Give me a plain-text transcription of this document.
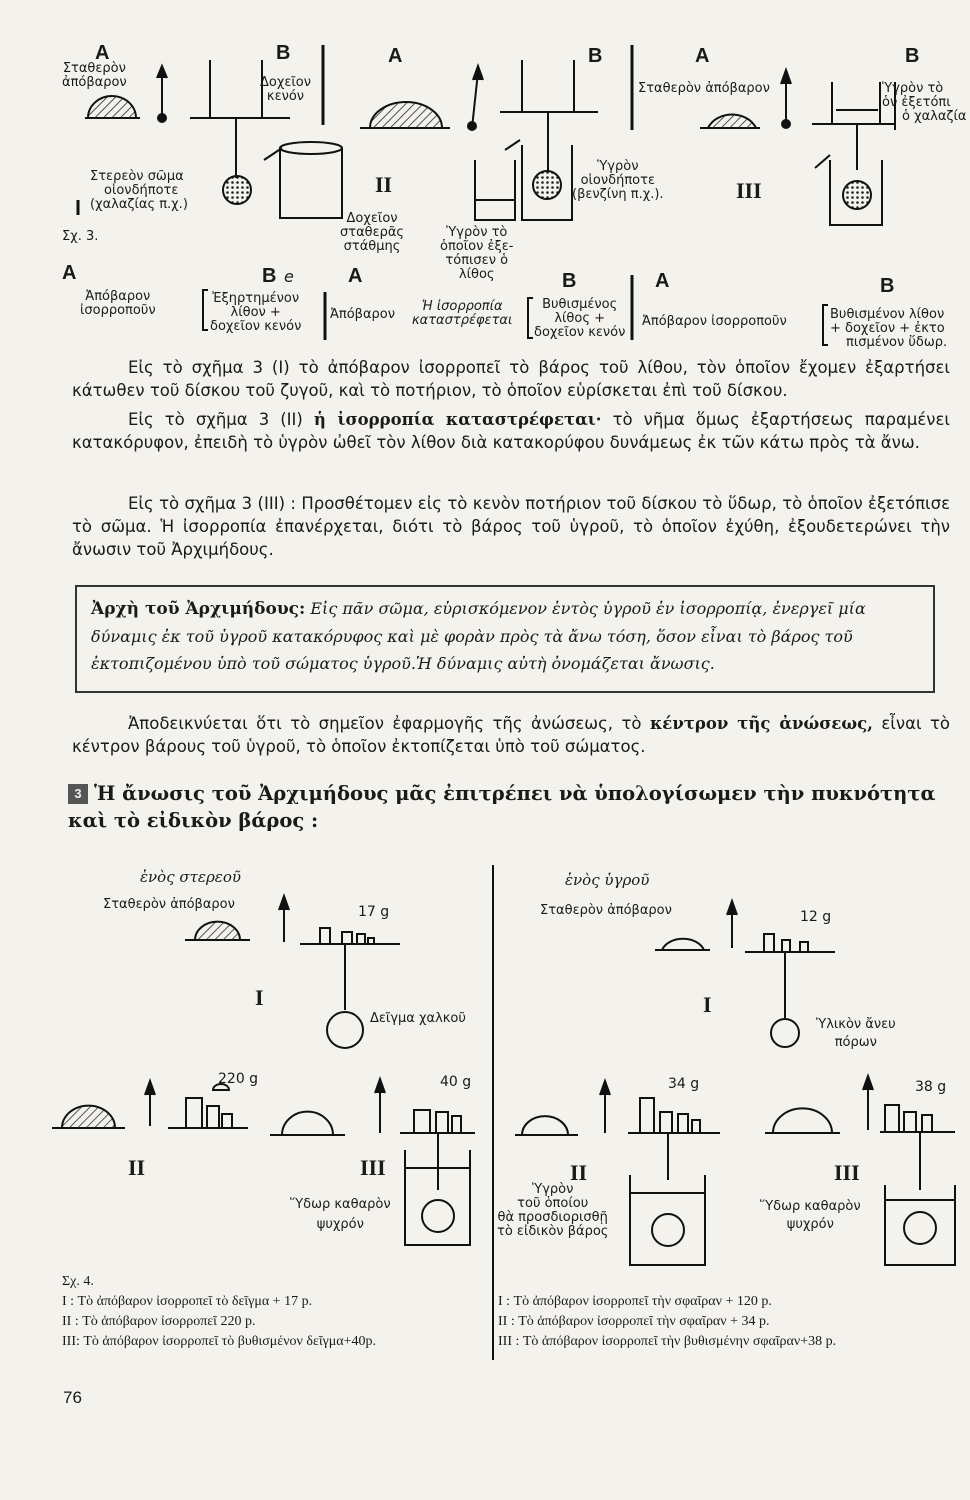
A
Σταθερὸν
ἀπόβαρον
B
Δοχεῖον
κενόν
Στερεὸν σῶμα
οἱονδήποτε
(χαλαζίας π.χ.)
Σχ. 3.
II
Δοχεῖον
σταθερᾶς
στάθμης
A	B
Ὑγρὸν τὸ
ὁποῖον ἐξε-
τόπισεν ὁ
λίθος
Ὑγρὸν
οἱονδήποτε
(βενζίνη π.χ.).
A
Σταθερὸν ἀπόβαρον
B
Ὑγρὸν τὸ
ὁν ἐξετόπι
ὁ χαλαζία
III
A
Ἀπόβαρον
ἰσορροποῦν
B e
Ἐξηρτημένον
λίθον +
δοχεῖον κενόν
A
Ἀπόβαρον
Ἡ ἰσορροπία
καταστρέφεται
B
Βυθισμένος
λίθος +
δοχεῖον κενόν
A
Ἀπόβαρον ἰσορροποῦν
B
Βυθισμένον λίθον
+ δοχεῖον + ἐκτο
πισμένον ὕδωρ.
Εἰς τὸ σχῆμα 3 (I) τὸ ἀπόβαρον ἰσορροπεῖ τὸ βάρος τοῦ λίθου, τὸν ὁποῖον ἔχομεν ἐξαρτήσει κάτωθεν τοῦ δίσκου τοῦ ζυγοῦ, καὶ τὸ ποτήριον, τὸ ὁποῖον εὑρίσκεται ἐπὶ τοῦ δίσκου.
Εἰς τὸ σχῆμα 3 (II) ἡ ἰσορροπία καταστρέφεται· τὸ νῆμα ὅμως ἐξαρτήσεως παραμένει κατακόρυφον, ἐπειδὴ τὸ ὑγρὸν ὠθεῖ τὸν λίθον διὰ κατακορύφου δυνάμεως ἐκ τῶν κάτω πρὸς τὰ ἄνω.
Εἰς τὸ σχῆμα 3 (III) : Προσθέτομεν εἰς τὸ κενὸν ποτήριον τοῦ δίσκου τὸ ὕδωρ, τὸ ὁποῖον ἐξετόπισε τὸ σῶμα. Ἡ ἰσορροπία ἐπανέρχεται, διότι τὸ βάρος τοῦ ὑγροῦ, τὸ ὁποῖον ἐχύθη, ἐξουδετερώνει τὴν ἄνωσιν τοῦ Ἀρχιμήδους.
Ἀρχὴ τοῦ Ἀρχιμήδους: Εἰς πᾶν σῶμα, εὑρισκόμενον ἐντὸς ὑγροῦ ἐν ἰσορροπίᾳ, ἐνεργεῖ μία δύναμις ἐκ τοῦ ὑγροῦ κατακόρυφος καὶ μὲ φορὰν πρὸς τὰ ἄνω τόση, ὅσον εἶναι τὸ βάρος τοῦ ἐκτοπιζομένου ὑπὸ τοῦ σώματος ὑγροῦ.Ἡ δύναμις αὐτὴ ὀνομάζεται ἄνωσις.
Ἀποδεικνύεται ὅτι τὸ σημεῖον ἐφαρμογῆς τῆς ἀνώσεως, τὸ κέντρον τῆς ἀνώσεως, εἶναι τὸ κέντρον βάρους τοῦ ὑγροῦ, τὸ ὁποῖον ἐκτοπίζεται ὑπὸ τοῦ σώματος.
3 Ἡ ἄνωσις τοῦ Ἀρχιμήδους μᾶς ἐπιτρέπει νὰ ὑπολογίσωμεν τὴν πυκνότητα καὶ τὸ εἰδικὸν βάρος :
ἑνὸς στερεοῦ
Σταθερὸν ἀπόβαρον	17 g
I
Δεῖγμα χαλκοῦ
220 g	40 g
II	III
Ὕδωρ καθαρὸν
ψυχρόν
ἑνὸς ὑγροῦ
Σταθερὸν ἀπόβαρον	12 g
I
Ὑλικὸν ἄνευ
πόρων
34 g	38 g
II	III
Ὑγρὸν
τοῦ ὁποίου
θὰ προσδιορισθῇ
τὸ εἰδικὸν βάρος
Ὕδωρ καθαρὸν
ψυχρόν
Σχ. 4.
I : Τὸ ἀπόβαρον ἰσορροπεῖ τὸ δεῖγμα + 17 p.
II : Τὸ ἀπόβαρον ἰσορροπεῖ 220 p.
III: Τὸ ἀπόβαρον ἰσορροπεῖ τὸ βυθισμένον δεῖγμα+40p.
I : Τὸ ἀπόβαρον ἰσορροπεῖ τὴν σφαῖραν + 120 p.
II : Τὸ ἀπόβαρον ἰσορροπεῖ τὴν σφαῖραν + 34 p.
III : Τὸ ἀπόβαρον ἰσορροπεῖ τὴν βυθισμένην σφαῖραν+38 p.
76
